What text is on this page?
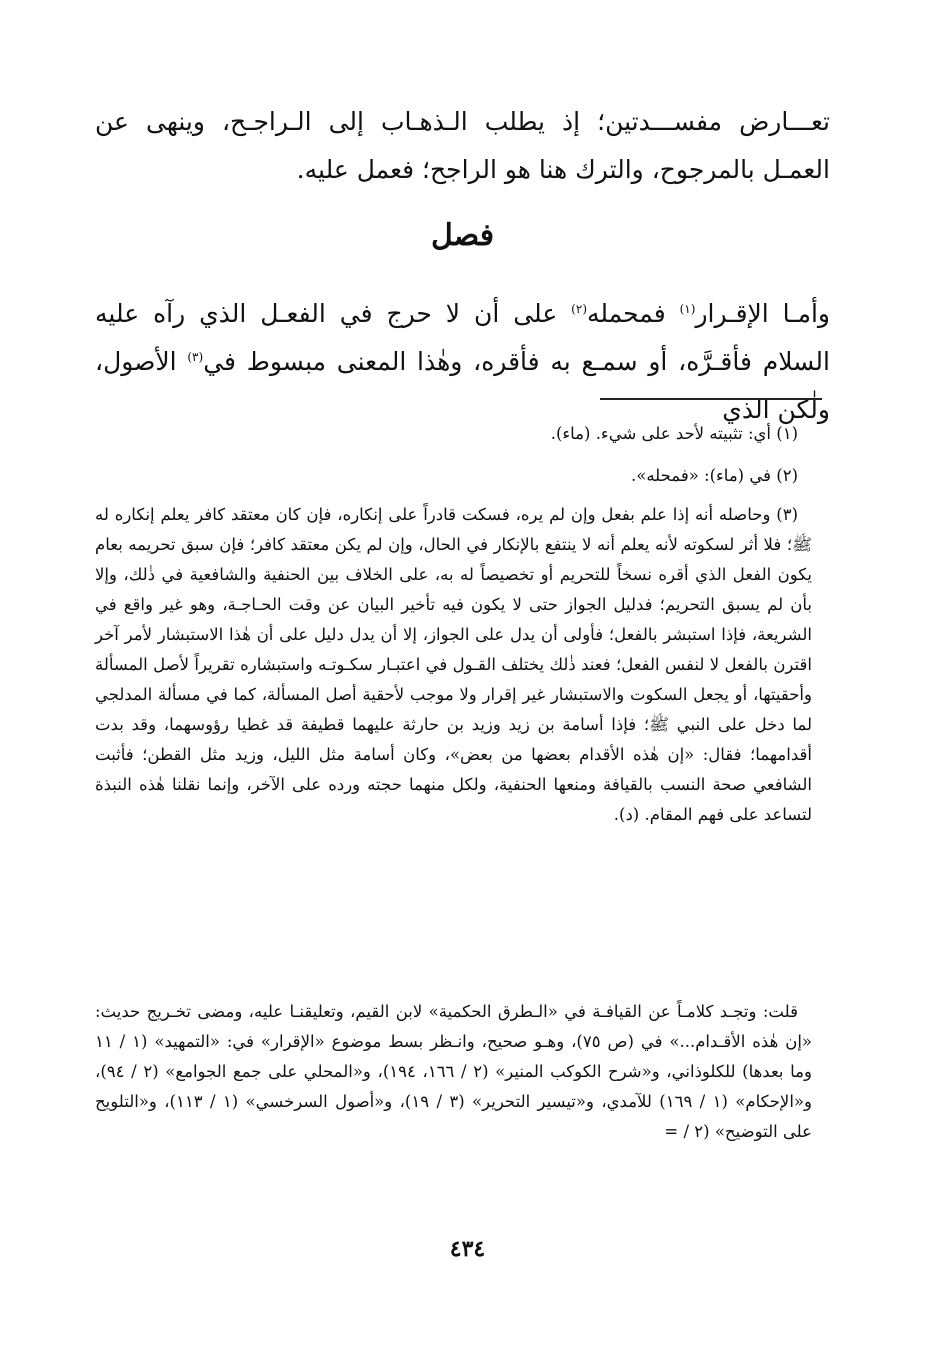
تعـــارض مفســـدتين؛ إذ يطلب الـذهـاب إلى الـراجـح، وينهى عن العمـل بالمرجوح، والترك هنا هو الراجح؛ فعمل عليه.

فصل

وأمـا الإقـرار$^{(١)}$ فمحمله$^{(٢)}$ على أن لا حرج في الفعـل الذي رآه عليه السلام فأقـرَّه، أو سمـع به فأقره، وهٰذا المعنى مبسوط في$^{(٣)}$ الأصول، ولٰكن الذي

(١) أي: تثبيته لأحد على شيء. (ماء).

(٢) في (ماء): «فمحله».

(٣) وحاصله أنه إذا علم بفعل وإن لم يره، فسكت قادراً على إنكاره، فإن كان معتقد كافر يعلم إنكاره له ﷺ؛ فلا أثر لسكوته لأنه يعلم أنه لا ينتفع بالإنكار في الحال، وإن لم يكن معتقد كافر؛ فإن سبق تحريمه بعام يكون الفعل الذي أقره نسخاً للتحريم أو تخصيصاً له به، على الخلاف بين الحنفية والشافعية في ذٰلك، وإلا بأن لم يسبق التحريم؛ فدليل الجواز حتى لا يكون فيه تأخير البيان عن وقت الحـاجـة، وهو غير واقع في الشريعة، فإذا استبشر بالفعل؛ فأولى أن يدل على الجواز، إلا أن يدل دليل على أن هٰذا الاستبشار لأمر آخر اقترن بالفعل لا لنفس الفعل؛ فعند ذٰلك يختلف القـول في اعتبـار سكـوتـه واستبشاره تقريراً لأصل المسألة وأحقيتها، أو يجعل السكوت والاستبشار غير إقرار ولا موجب لأحقية أصل المسألة، كما في مسألة المدلجي لما دخل على النبي ﷺ؛ فإذا أسامة بن زيد وزيد بن حارثة عليهما قطيفة قد غطيا رؤوسهما، وقد بدت أقدامهما؛ فقال: «إن هٰذه الأقدام بعضها من بعض»، وكان أسامة مثل الليل، وزيد مثل القطن؛ فأثبت الشافعي صحة النسب بالقيافة ومنعها الحنفية، ولكل منهما حجته ورده على الآخر، وإنما نقلنا هٰذه النبذة لتساعد على فهم المقام. (د).

قلت: وتجـد كلامـاً عن القيافـة في «الـطرق الحكمية» لابن القيم، وتعليقنـا عليه، ومضى تخـريج حديث: «إن هٰذه الأقـدام...» في (ص ٧٥)، وهـو صحيح، وانـظر بسط موضوع «الإقرار» في: «التمهيد» (١ / ١١ وما بعدها) للكلوذاني، و«شرح الكوكب المنير» (٢ / ١٦٦، ١٩٤)، و«المحلي على جمع الجوامع» (٢ / ٩٤)، و«الإحكام» (١ / ١٦٩) للآمدي، و«تيسير التحرير» (٣ / ١٩)، و«أصول السرخسي» (١ / ١١٣)، و«التلويح على التوضيح» (٢ / =

٤٣٤
